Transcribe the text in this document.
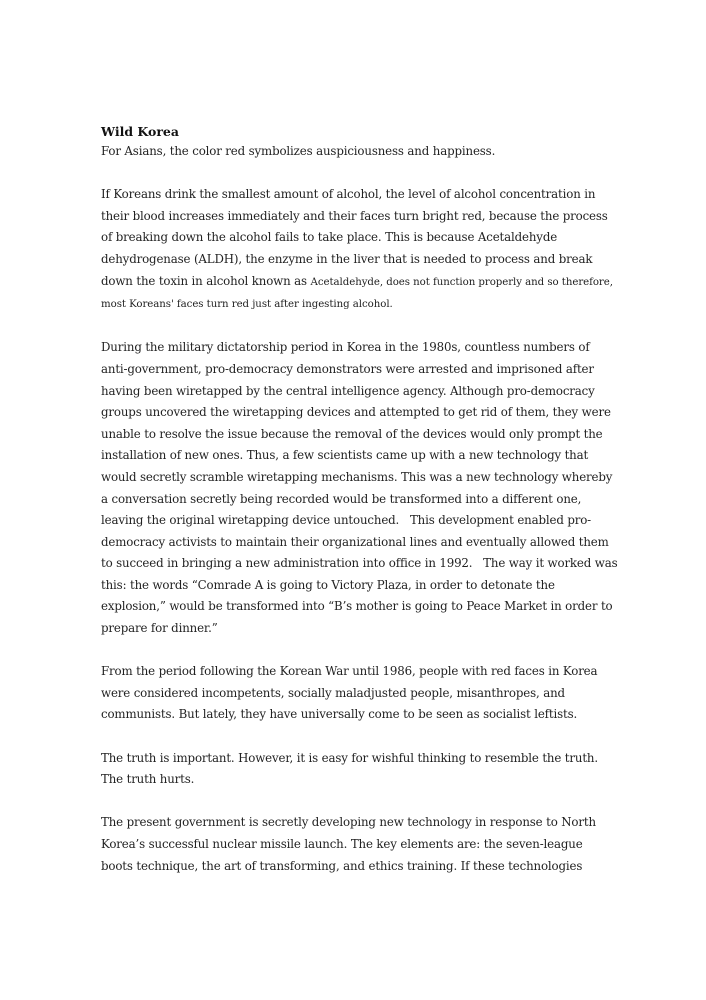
Wild Korea
For Asians, the color red symbolizes auspiciousness and happiness.
If Koreans drink the smallest amount of alcohol, the level of alcohol concentration in
their blood increases immediately and their faces turn bright red, because the process
of breaking down the alcohol fails to take place. This is because Acetaldehyde
dehydrogenase (ALDH), the enzyme in the liver that is needed to process and break
down the toxin in alcohol known as Acetaldehyde, does not function properly and so therefore,
most Koreans' faces turn red just after ingesting alcohol.
During the military dictatorship period in Korea in the 1980s, countless numbers of
anti-government, pro-democracy demonstrators were arrested and imprisoned after
having been wiretapped by the central intelligence agency. Although pro-democracy
groups uncovered the wiretapping devices and attempted to get rid of them, they were
unable to resolve the issue because the removal of the devices would only prompt the
installation of new ones. Thus, a few scientists came up with a new technology that
would secretly scramble wiretapping mechanisms. This was a new technology whereby
a conversation secretly being recorded would be transformed into a different one,
leaving the original wiretapping device untouched.   This development enabled pro-
democracy activists to maintain their organizational lines and eventually allowed them
to succeed in bringing a new administration into office in 1992.   The way it worked was
this: the words “Comrade A is going to Victory Plaza, in order to detonate the
explosion,” would be transformed into “B’s mother is going to Peace Market in order to
prepare for dinner.”
From the period following the Korean War until 1986, people with red faces in Korea
were considered incompetents, socially maladjusted people, misanthropes, and
communists. But lately, they have universally come to be seen as socialist leftists.
The truth is important. However, it is easy for wishful thinking to resemble the truth.
The truth hurts.
The present government is secretly developing new technology in response to North
Korea’s successful nuclear missile launch. The key elements are: the seven-league
boots technique, the art of transforming, and ethics training. If these technologies
